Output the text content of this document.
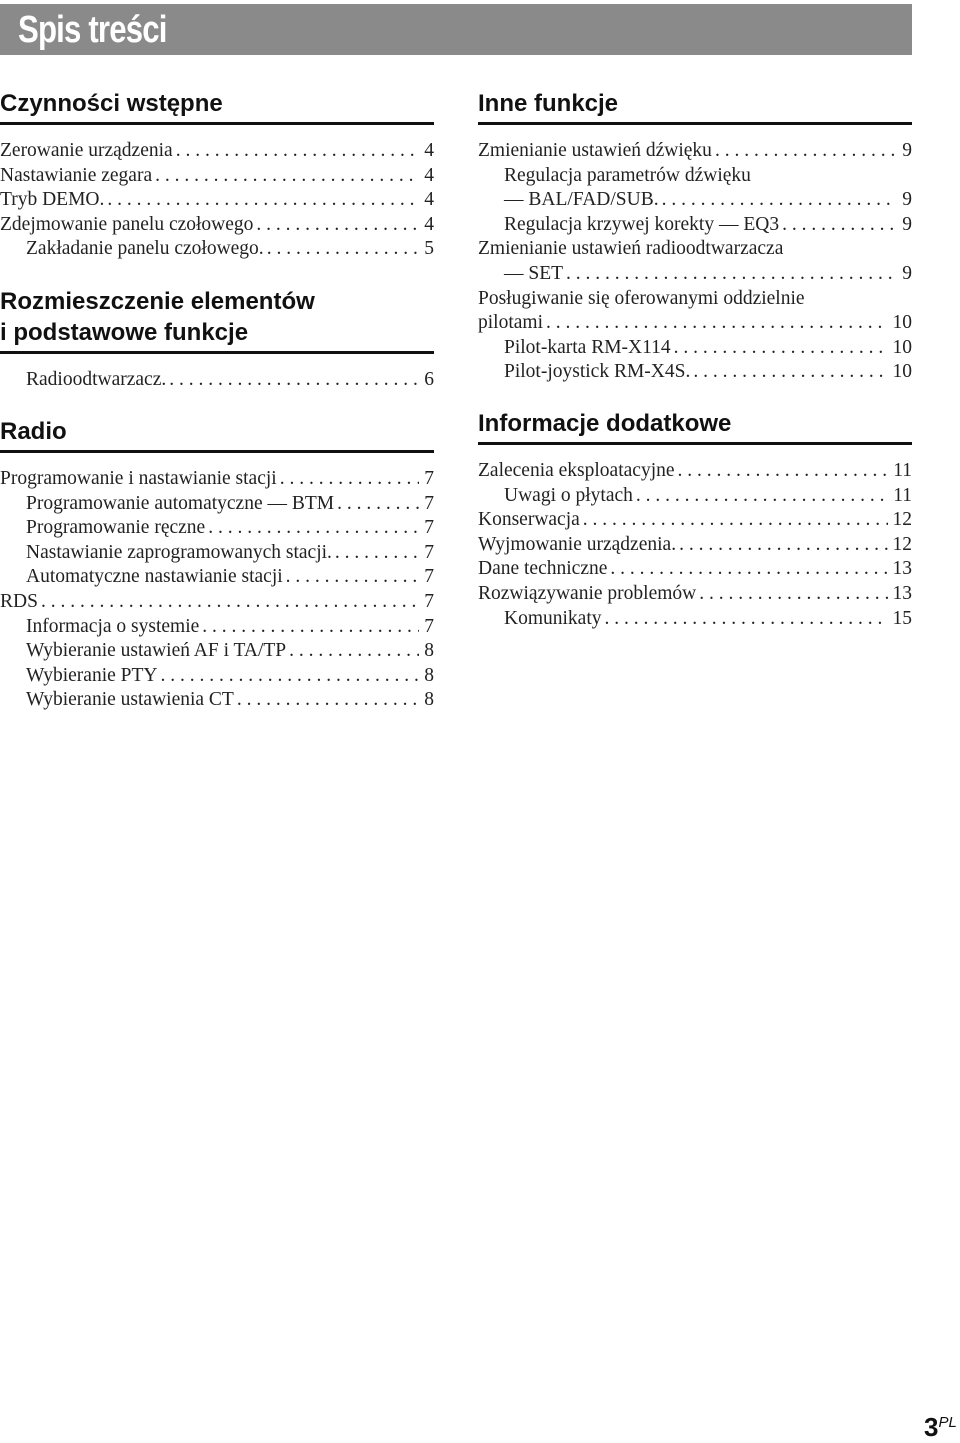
Spis treści
Czynności wstępne
Zerowanie urządzenia . . .	4
Nastawianie zegara . . .	4
Tryb DEMO. . . .	4
Zdejmowanie panelu czołowego . . .	4
Zakładanie panelu czołowego. . . .	5
Rozmieszczenie elementów
i podstawowe funkcje
Radioodtwarzacz. . . .	6
Radio
Programowanie i nastawianie stacji . . .	7
Programowanie automatyczne — BTM . . .	7
Programowanie ręczne . . .	7
Nastawianie zaprogramowanych stacji. . . .	7
Automatyczne nastawianie stacji . . .	7
RDS . . .	7
Informacja o systemie . . .	7
Wybieranie ustawień AF i TA/TP . . .	8
Wybieranie PTY . . .	8
Wybieranie ustawienia CT . . .	8
Inne funkcje
Zmienianie ustawień dźwięku . . .	9
Regulacja parametrów dźwięku
— BAL/FAD/SUB. . . .	9
Regulacja krzywej korekty — EQ3 . . .	9
Zmienianie ustawień radioodtwarzacza
— SET . . .	9
Posługiwanie się oferowanymi oddzielnie
pilotami . . .	10
Pilot-karta RM-X114 . . .	10
Pilot-joystick RM-X4S. . . .	10
Informacje dodatkowe
Zalecenia eksploatacyjne . . .	11
Uwagi o płytach . . .	11
Konserwacja . . .	12
Wyjmowanie urządzenia. . . .	12
Dane techniczne . . .	13
Rozwiązywanie problemów . . .	13
Komunikaty . . .	15
$3^{PL}$
